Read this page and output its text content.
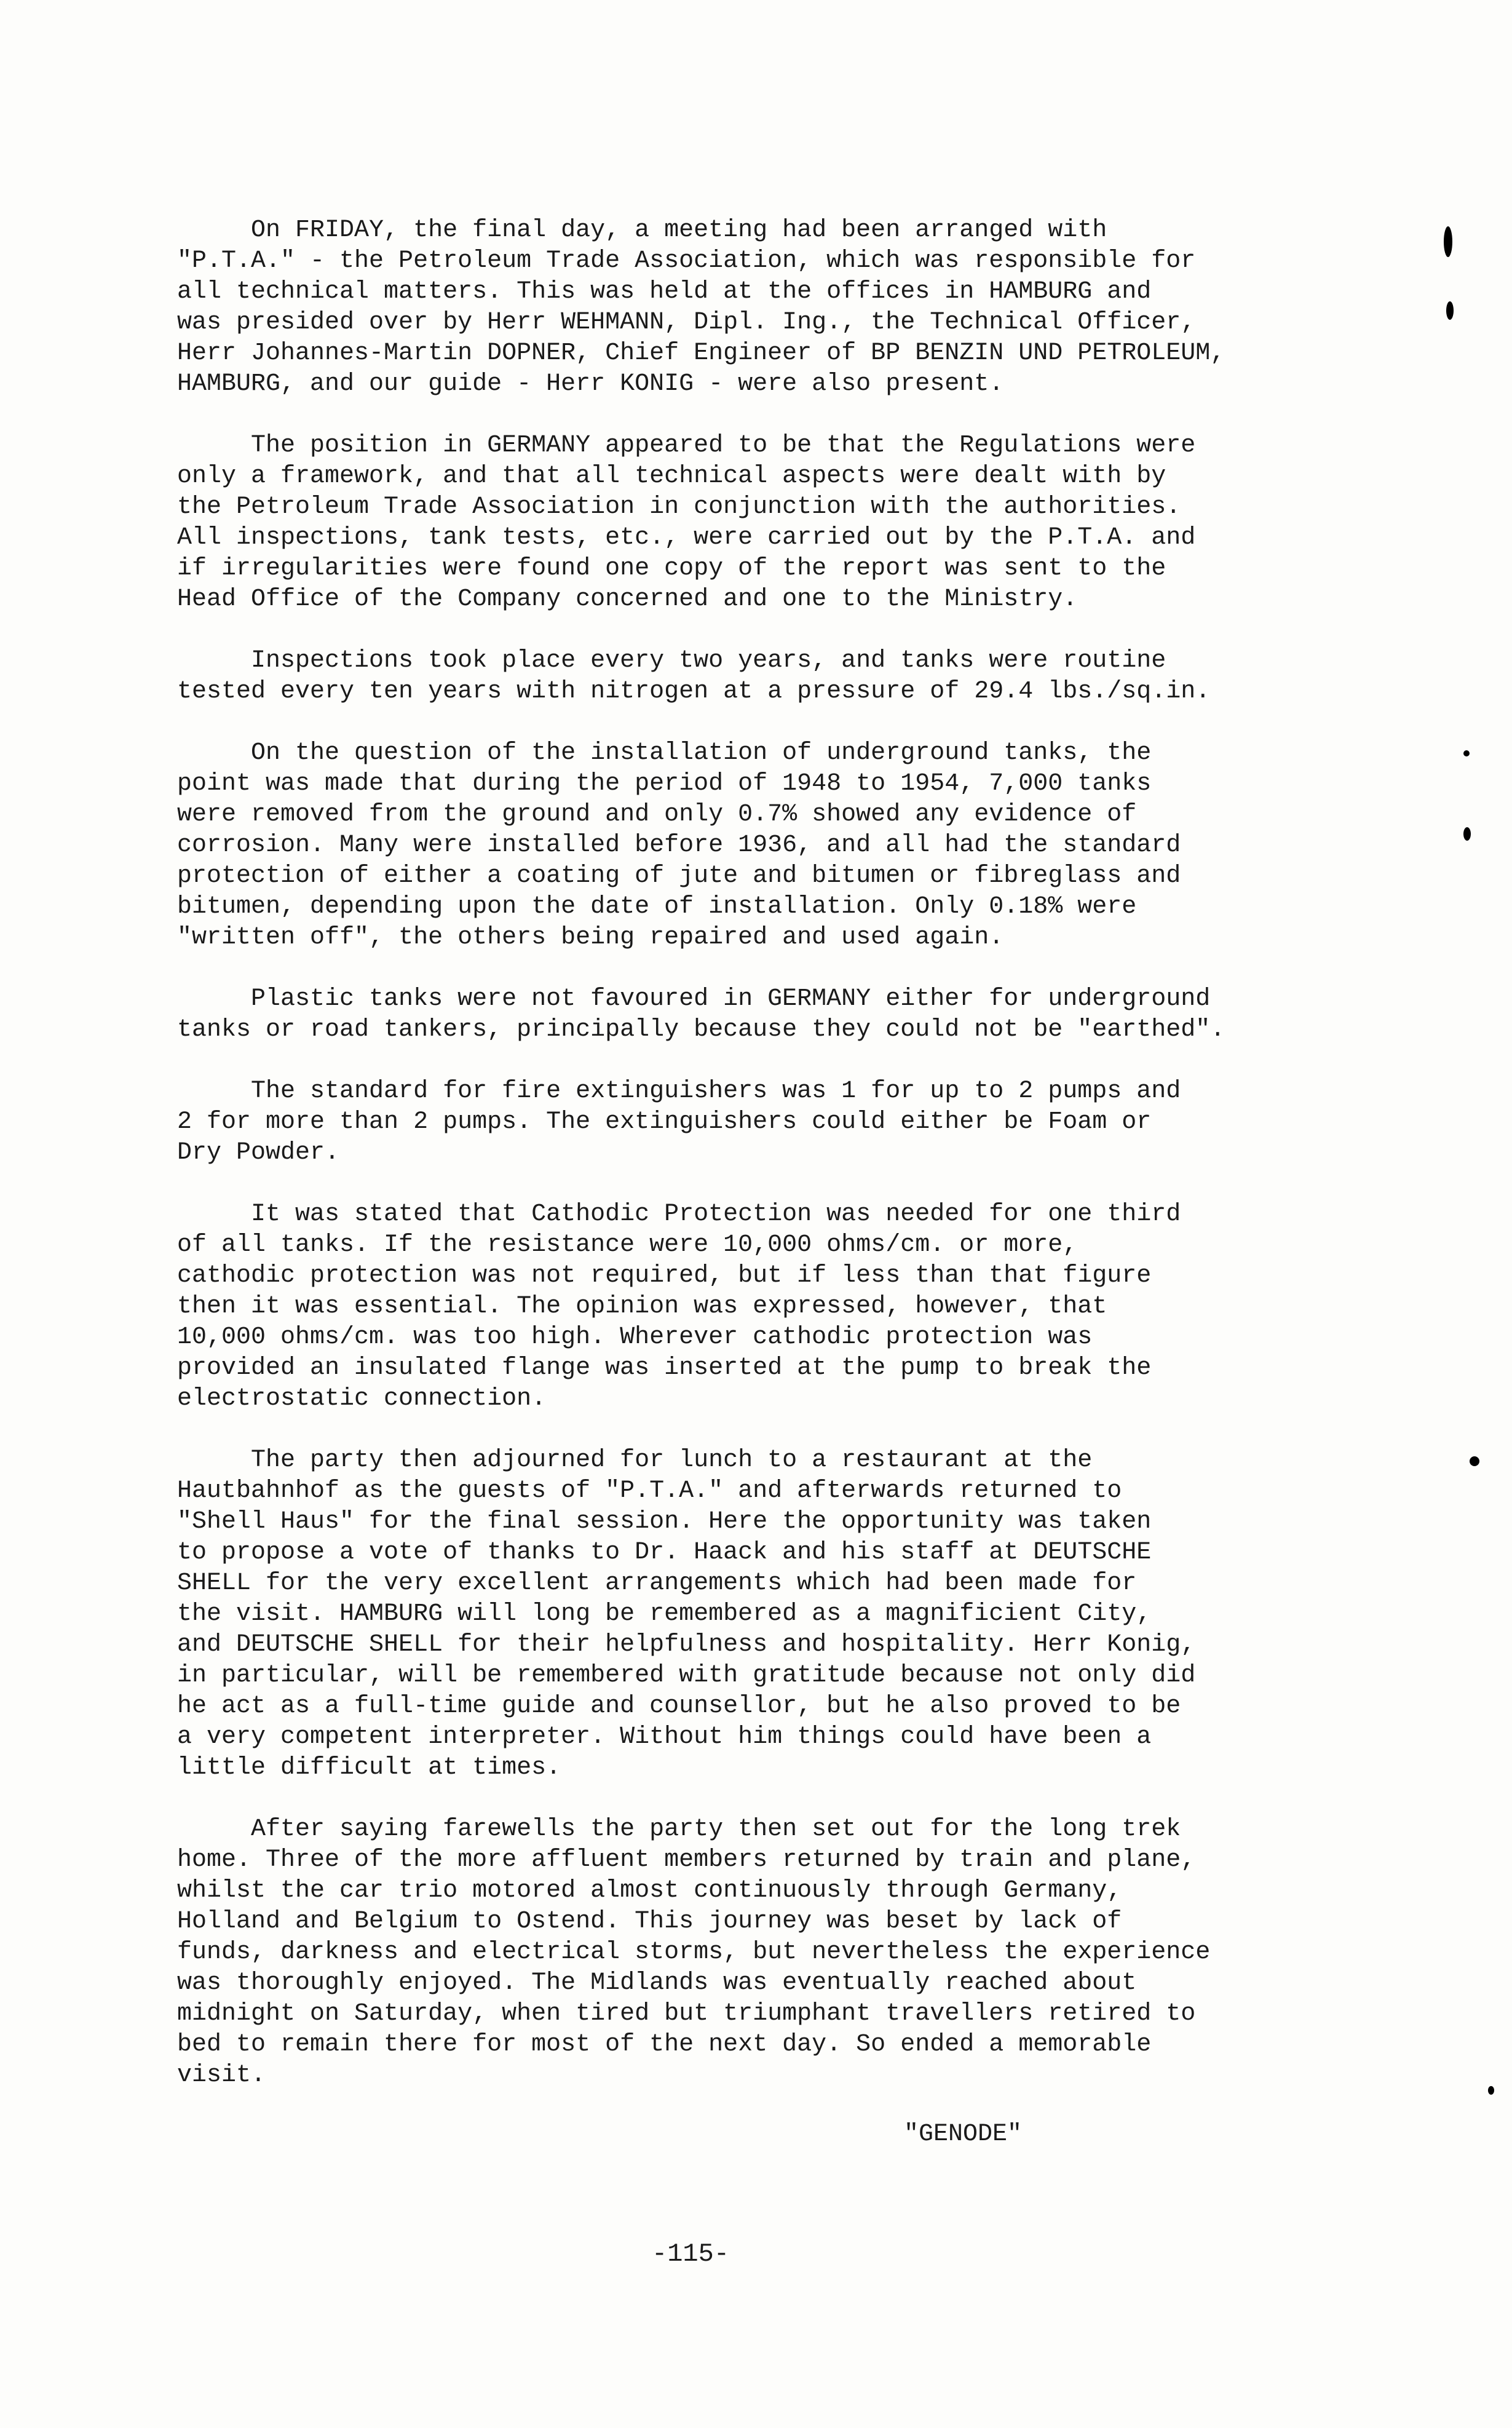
On FRIDAY, the final day, a meeting had been arranged with
"P.T.A." - the Petroleum Trade Association, which was responsible for
all technical matters. This was held at the offices in HAMBURG and
was presided over by Herr WEHMANN, Dipl. Ing., the Technical Officer,
Herr Johannes-Martin DOPNER, Chief Engineer of BP BENZIN UND PETROLEUM,
HAMBURG, and our guide - Herr KONIG - were also present.
The position in GERMANY appeared to be that the Regulations were
only a framework, and that all technical aspects were dealt with by
the Petroleum Trade Association in conjunction with the authorities.
All inspections, tank tests, etc., were carried out by the P.T.A. and
if irregularities were found one copy of the report was sent to the
Head Office of the Company concerned and one to the Ministry.
Inspections took place every two years, and tanks were routine
tested every ten years with nitrogen at a pressure of 29.4 lbs./sq.in.
On the question of the installation of underground tanks, the
point was made that during the period of 1948 to 1954, 7,000 tanks
were removed from the ground and only 0.7% showed any evidence of
corrosion. Many were installed before 1936, and all had the standard
protection of either a coating of jute and bitumen or fibreglass and
bitumen, depending upon the date of installation. Only 0.18% were
"written off", the others being repaired and used again.
Plastic tanks were not favoured in GERMANY either for underground
tanks or road tankers, principally because they could not be "earthed".
The standard for fire extinguishers was 1 for up to 2 pumps and
2 for more than 2 pumps. The extinguishers could either be Foam or
Dry Powder.
It was stated that Cathodic Protection was needed for one third
of all tanks. If the resistance were 10,000 ohms/cm. or more,
cathodic protection was not required, but if less than that figure
then it was essential. The opinion was expressed, however, that
10,000 ohms/cm. was too high. Wherever cathodic protection was
provided an insulated flange was inserted at the pump to break the
electrostatic connection.
The party then adjourned for lunch to a restaurant at the
Hautbahnhof as the guests of "P.T.A." and afterwards returned to
"Shell Haus" for the final session. Here the opportunity was taken
to propose a vote of thanks to Dr. Haack and his staff at DEUTSCHE
SHELL for the very excellent arrangements which had been made for
the visit. HAMBURG will long be remembered as a magnificient City,
and DEUTSCHE SHELL for their helpfulness and hospitality. Herr Konig,
in particular, will be remembered with gratitude because not only did
he act as a full-time guide and counsellor, but he also proved to be
a very competent interpreter. Without him things could have been a
little difficult at times.
After saying farewells the party then set out for the long trek
home. Three of the more affluent members returned by train and plane,
whilst the car trio motored almost continuously through Germany,
Holland and Belgium to Ostend. This journey was beset by lack of
funds, darkness and electrical storms, but nevertheless the experience
was thoroughly enjoyed. The Midlands was eventually reached about
midnight on Saturday, when tired but triumphant travellers retired to
bed to remain there for most of the next day. So ended a memorable
visit.
"GENODE"
-115-
